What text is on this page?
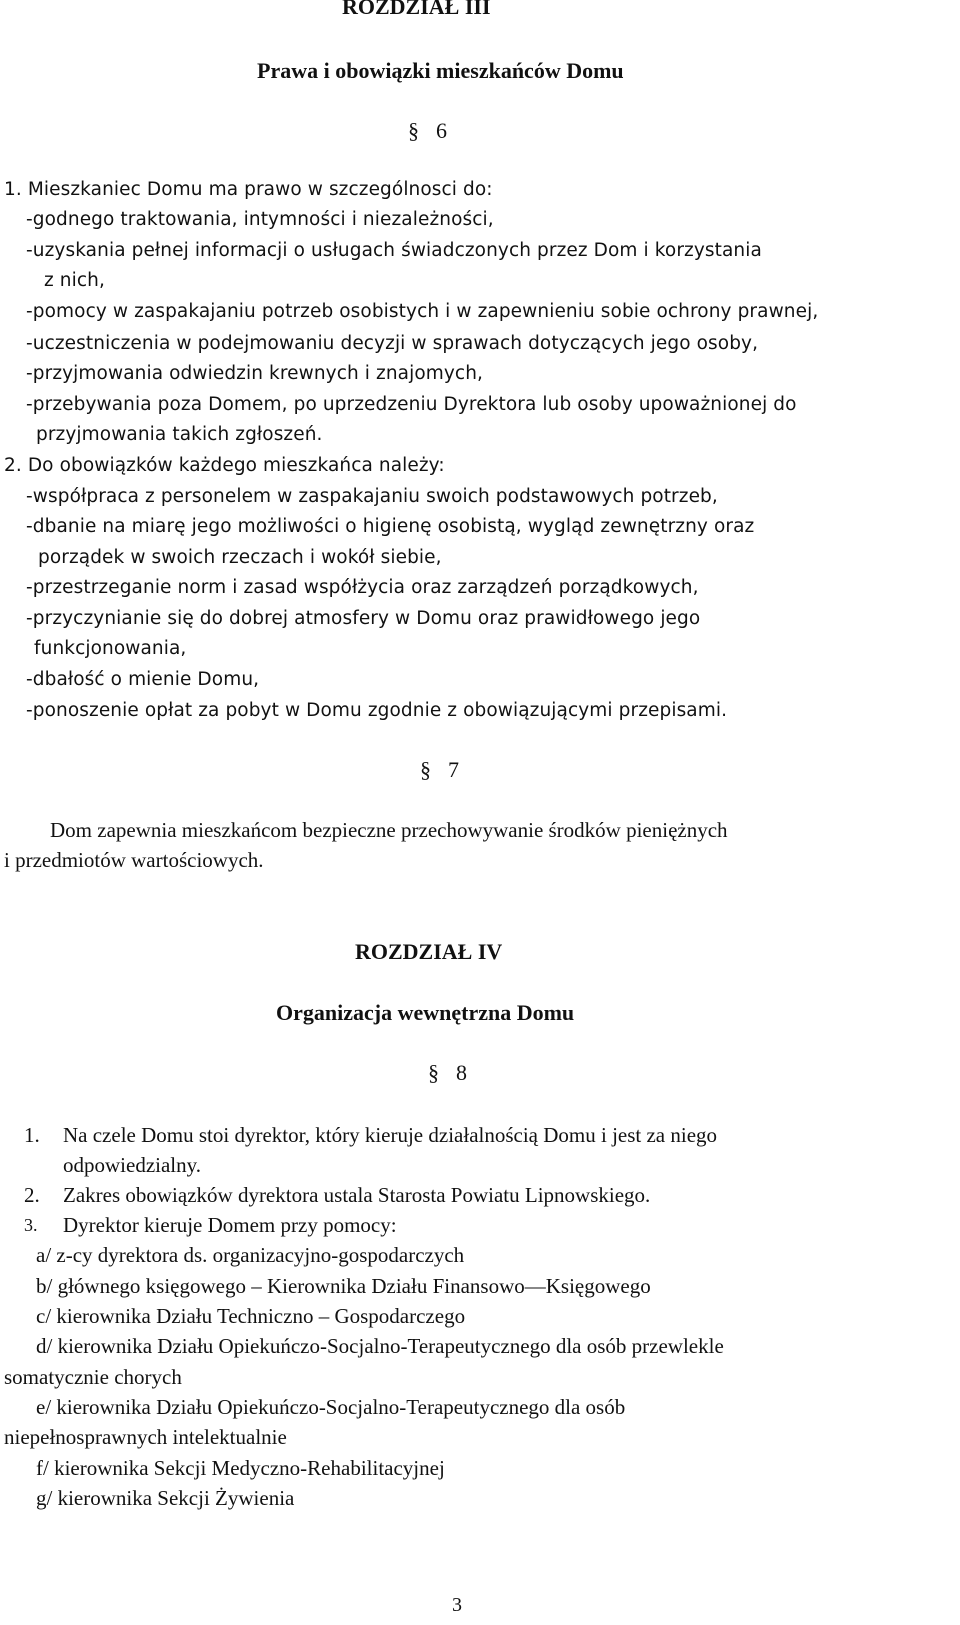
ROZDZIAŁ III
Prawa i obowiązki mieszkańców Domu
§ 6
1. Mieszkaniec Domu ma prawo w szczególnosci do:
-godnego traktowania, intymności i niezależności,
-uzyskania pełnej informacji o usługach świadczonych przez Dom i korzystania
z nich,
-pomocy w zaspakajaniu potrzeb osobistych i w zapewnieniu sobie ochrony prawnej,
-uczestniczenia w podejmowaniu decyzji w sprawach dotyczących jego osoby,
-przyjmowania odwiedzin krewnych i znajomych,
-przebywania poza Domem, po uprzedzeniu Dyrektora lub osoby upoważnionej do
przyjmowania takich zgłoszeń.
2. Do obowiązków każdego mieszkańca należy:
-współpraca z personelem w zaspakajaniu swoich podstawowych potrzeb,
-dbanie na miarę jego możliwości o higienę osobistą, wygląd zewnętrzny oraz
porządek w swoich rzeczach i wokół siebie,
-przestrzeganie norm i zasad współżycia oraz zarządzeń porządkowych,
-przyczynianie się do dobrej atmosfery w Domu oraz prawidłowego jego
funkcjonowania,
-dbałość o mienie Domu,
-ponoszenie opłat za pobyt w Domu zgodnie z obowiązującymi przepisami.
§ 7
Dom zapewnia mieszkańcom bezpieczne przechowywanie środków pieniężnych
i przedmiotów wartościowych.
ROZDZIAŁ IV
Organizacja wewnętrzna Domu
§ 8
1. Na czele Domu stoi dyrektor, który kieruje działalnością Domu i jest za niego
odpowiedzialny.
2. Zakres obowiązków dyrektora ustala Starosta Powiatu Lipnowskiego.
3. Dyrektor kieruje Domem przy pomocy:
a/ z-cy dyrektora ds. organizacyjno-gospodarczych
b/ głównego księgowego – Kierownika Działu Finansowo—Księgowego
c/ kierownika Działu Techniczno – Gospodarczego
d/ kierownika Działu Opiekuńczo-Socjalno-Terapeutycznego dla osób przewlekle
somatycznie chorych
e/ kierownika Działu Opiekuńczo-Socjalno-Terapeutycznego dla osób
niepełnosprawnych intelektualnie
f/ kierownika Sekcji Medyczno-Rehabilitacyjnej
g/ kierownika Sekcji Żywienia
3
